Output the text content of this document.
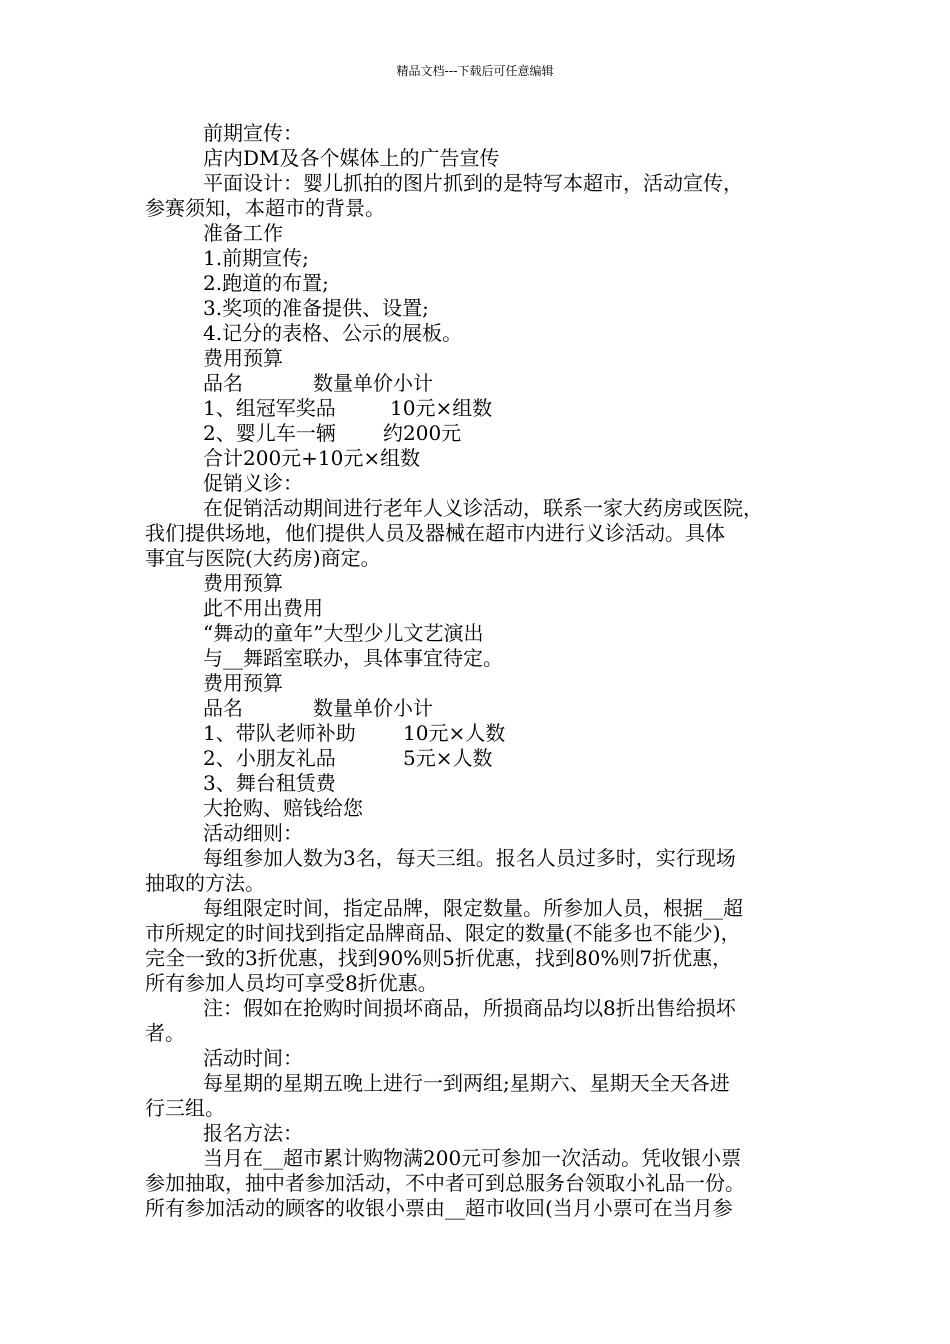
精品文档---下载后可任意编辑
前期宣传：
店内DM及各个媒体上的广告宣传
平面设计：婴儿抓拍的图片抓到的是特写本超市，活动宣传，
参赛须知，本超市的背景。
准备工作
1.前期宣传;
2.跑道的布置;
3.奖项的准备提供、设置;
4.记分的表格、公示的展板。
费用预算
品名	数量单价小计
1、组冠军奖品	10元×组数
2、婴儿车一辆 约200元
合计200元+10元×组数
促销义诊：
在促销活动期间进行老年人义诊活动，联系一家大药房或医院，
我们提供场地，他们提供人员及器械在超市内进行义诊活动。具体
事宜与医院(大药房)商定。
费用预算
此不用出费用
“舞动的童年”大型少儿文艺演出
与__舞蹈室联办，具体事宜待定。
费用预算
品名	数量单价小计
1、带队老师补助 10元×人数
2、小朋友礼品	5元×人数
3、舞台租赁费
大抢购、赔钱给您
活动细则：
每组参加人数为3名，每天三组。报名人员过多时，实行现场
抽取的方法。
每组限定时间，指定品牌，限定数量。所参加人员，根据__超
市所规定的时间找到指定品牌商品、限定的数量(不能多也不能少)，
完全一致的3折优惠，找到90%则5折优惠，找到80%则7折优惠，
所有参加人员均可享受8折优惠。
注：假如在抢购时间损坏商品，所损商品均以8折出售给损坏
者。
活动时间：
每星期的星期五晚上进行一到两组;星期六、星期天全天各进
行三组。
报名方法：
当月在__超市累计购物满200元可参加一次活动。凭收银小票
参加抽取，抽中者参加活动，不中者可到总服务台领取小礼品一份。
所有参加活动的顾客的收银小票由__超市收回(当月小票可在当月参
